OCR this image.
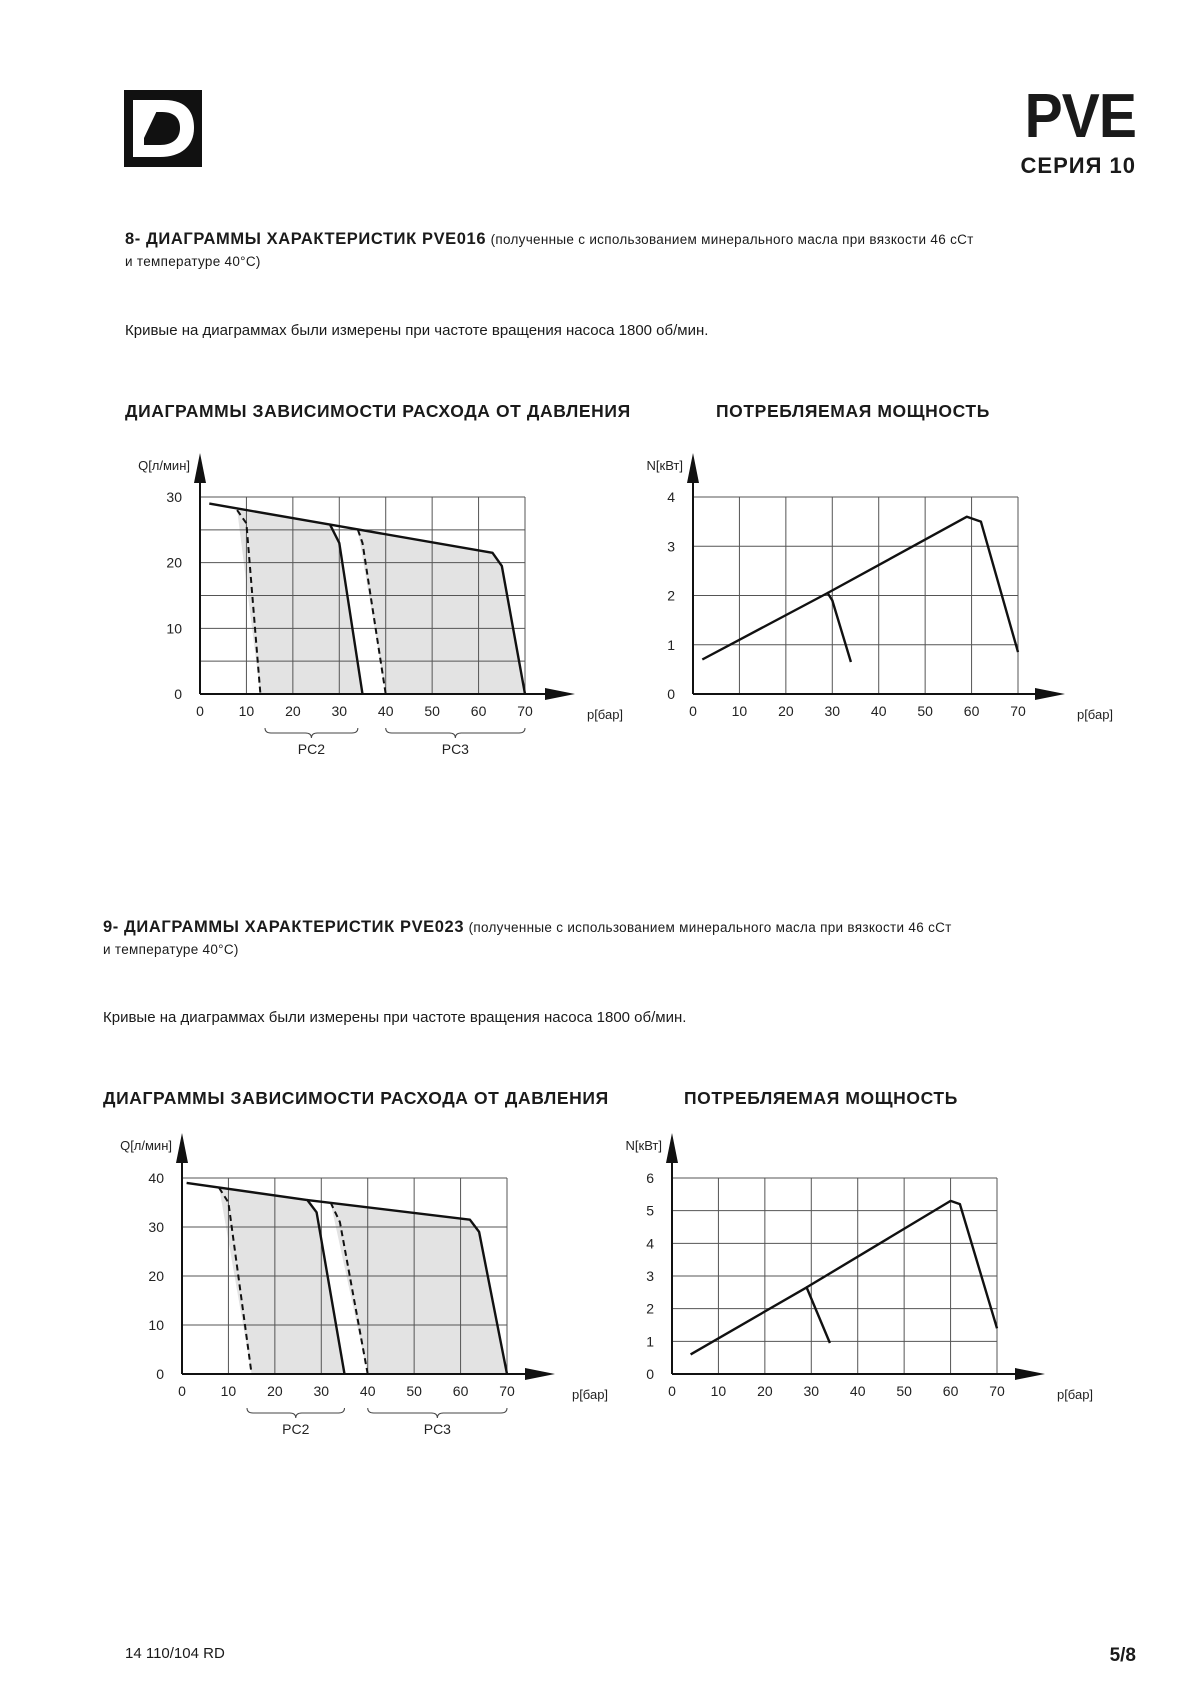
PVE
СЕРИЯ 10
8- ДИАГРАММЫ ХАРАКТЕРИСТИК PVE016 (полученные с использованием минерального масла при вязкости 46 сСт
и температуре 40°С)
Кривые на диаграммах были измерены при частоте вращения насоса 1800 об/мин.
ДИАГРАММЫ ЗАВИСИМОСТИ РАСХОДА ОТ ДАВЛЕНИЯ	ПОТРЕБЛЯЕМАЯ МОЩНОСТЬ
0 10 20 30 40 50 60 70
0
10
20
30
Q[л/мин]
p[бар]
PC2	PC3
0 10 20 30 40 50 60 70
0
1
2
3
4
N[кВт]
p[бар]
9- ДИАГРАММЫ ХАРАКТЕРИСТИК PVE023 (полученные с использованием минерального масла при вязкости 46 сСт
и температуре 40°С)
Кривые на диаграммах были измерены при частоте вращения насоса 1800 об/мин.
ДИАГРАММЫ ЗАВИСИМОСТИ РАСХОДА ОТ ДАВЛЕНИЯ	ПОТРЕБЛЯЕМАЯ МОЩНОСТЬ
0 10 20 30 40 50 60 70
0
10
20
30
40
Q[л/мин]
p[бар]
PC2	PC3
0 10 20 30 40 50 60 70
0
1
2
3
4
5
6
N[кВт]
p[бар]
14 110/104 RD	5/8
